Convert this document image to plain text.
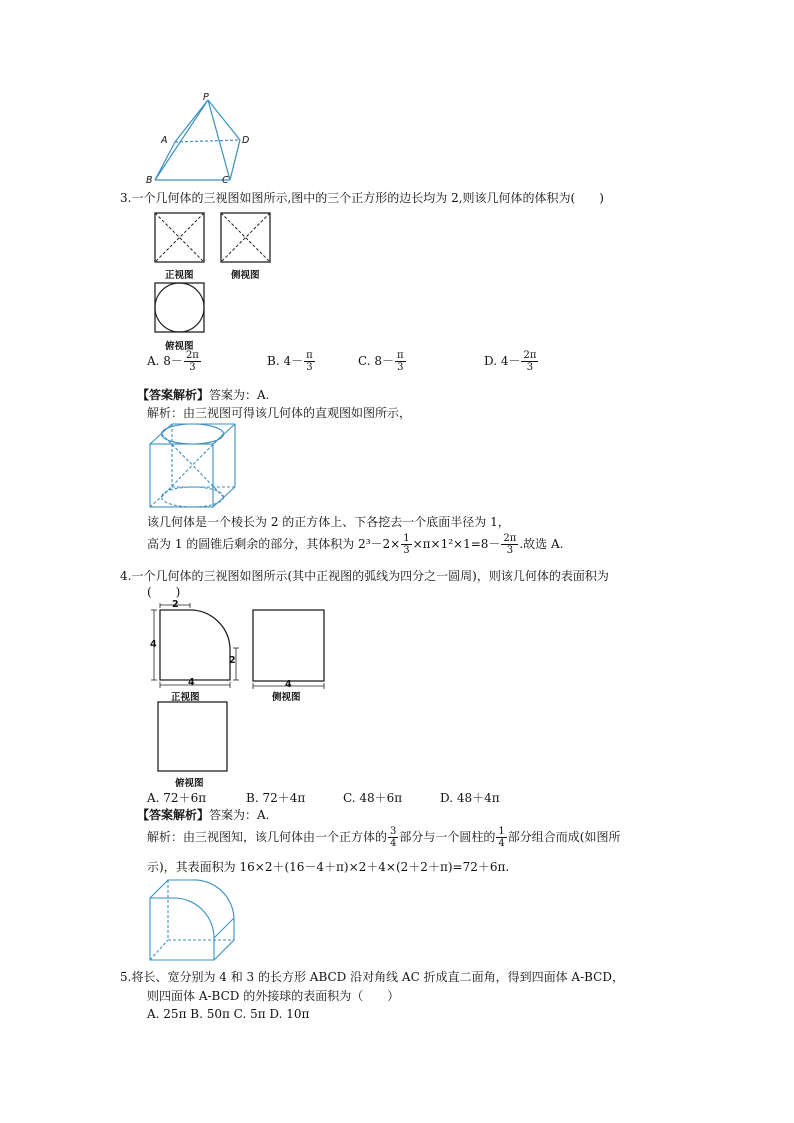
P
A
B	C
D
3.一个几何体的三视图如图所示,图中的三个正方形的边长均为 2,则该几何体的体积为(　　)
正视图	侧视图
俯视图
A. $8- \frac{2\pi}{3}$	B. $4- \frac{\pi}{3}$	C. $8- \frac{\pi}{3}$	D. $4- \frac{2\pi}{3}$
【答案解析】答案为：A.
解析：由三视图可得该几何体的直观图如图所示，
该几何体是一个棱长为 2 的正方体上、下各挖去一个底面半径为 1，
高为 1 的圆锥后剩余的部分，其体积为 $2^3-2\times \frac{1}{3} \times\pi\times 1^2\times 1=8- \frac{2\pi}{3}$ .故选 A.
4.一个几何体的三视图如图所示(其中正视图的弧线为四分之一圆周)，则该几何体的表面积为
(　　)
2
4
2
4
正视图
4
侧视图
俯视图
A. 72＋6π	B. 72＋4π	C. 48＋6π	D. 48＋4π
【答案解析】答案为：A.
解析：由三视图知，该几何体由一个正方体的 $\frac{3}{4}$ 部分与一个圆柱的 $\frac{1}{4}$ 部分组合而成(如图所
示)，其表面积为 16×2＋(16－4＋π)×2＋4×(2＋2＋π)=72＋6π.
5.将长、宽分别为 4 和 3 的长方形 ABCD 沿对角线 AC 折成直二面角，得到四面体 A-BCD，
则四面体 A-BCD 的外接球的表面积为（　　）
A. 25π B. 50π C. 5π D. 10π
